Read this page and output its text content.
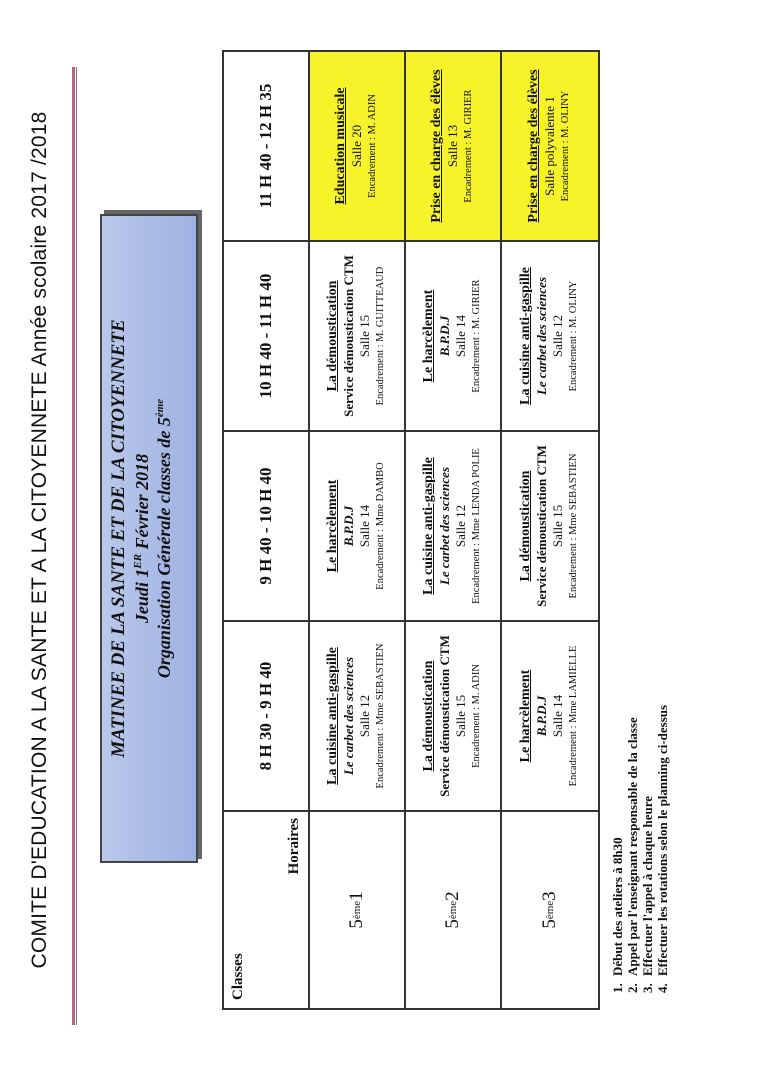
COMITE D'EDUCATION A LA SANTE ET A LA CITOYENNETE Année scolaire 2017 /2018	MATINEE DE LA SANTE ET DE LA CITOYENNETE Jeudi 1ER Février 2018 Organisation Générale classes de 5ème
Classes
Horaires
8 H 30 - 9 H 40
9 H 40 - 10 H 40
10 H 40 - 11 H 40
11 H 40 - 12 H 35
5
ème
1
La cuisine anti-gaspille Le carbet des sciences Salle 12 Encadrement : Mme SEBASTIEN
Le harcèlement B.P.D.J Salle 14 Encadrement : Mme DAMBO
La démoustication Service démoustication CTM Salle 15 Encadrement : M. GUITTEAUD
Education musicale Salle 20 Encadrement : M. ADIN
5
ème
2
La démoustication Service démoustication CTM Salle 15 Encadrement : M. ADIN
La cuisine anti-gaspille Le carbet des sciences Salle 12 Encadrement : Mme LENDA POLIE
Le harcèlement B.P.D.J Salle 14 Encadrement : M. GIRIER
Prise en charge des élèves Salle 13 Encadrement : M. GIRIER
5
ème
3
Le harcèlement B.P.D.J Salle 14 Encadrement : Mme LAMIELLE
La démoustication Service démoustication CTM Salle 15 Encadrement : Mme SEBASTIEN
La cuisine anti-gaspille Le carbet des sciences Salle 12 Encadrement : M. OLINY
Prise en charge des élèves Salle polyvalente 1 Encadrement : M. OLINY
1. Début des ateliers à 8h30 2. Appel par l'enseignant responsable de la classe 3. Effectuer l'appel à chaque heure 4. Effectuer les rotations selon le planning ci-dessus
